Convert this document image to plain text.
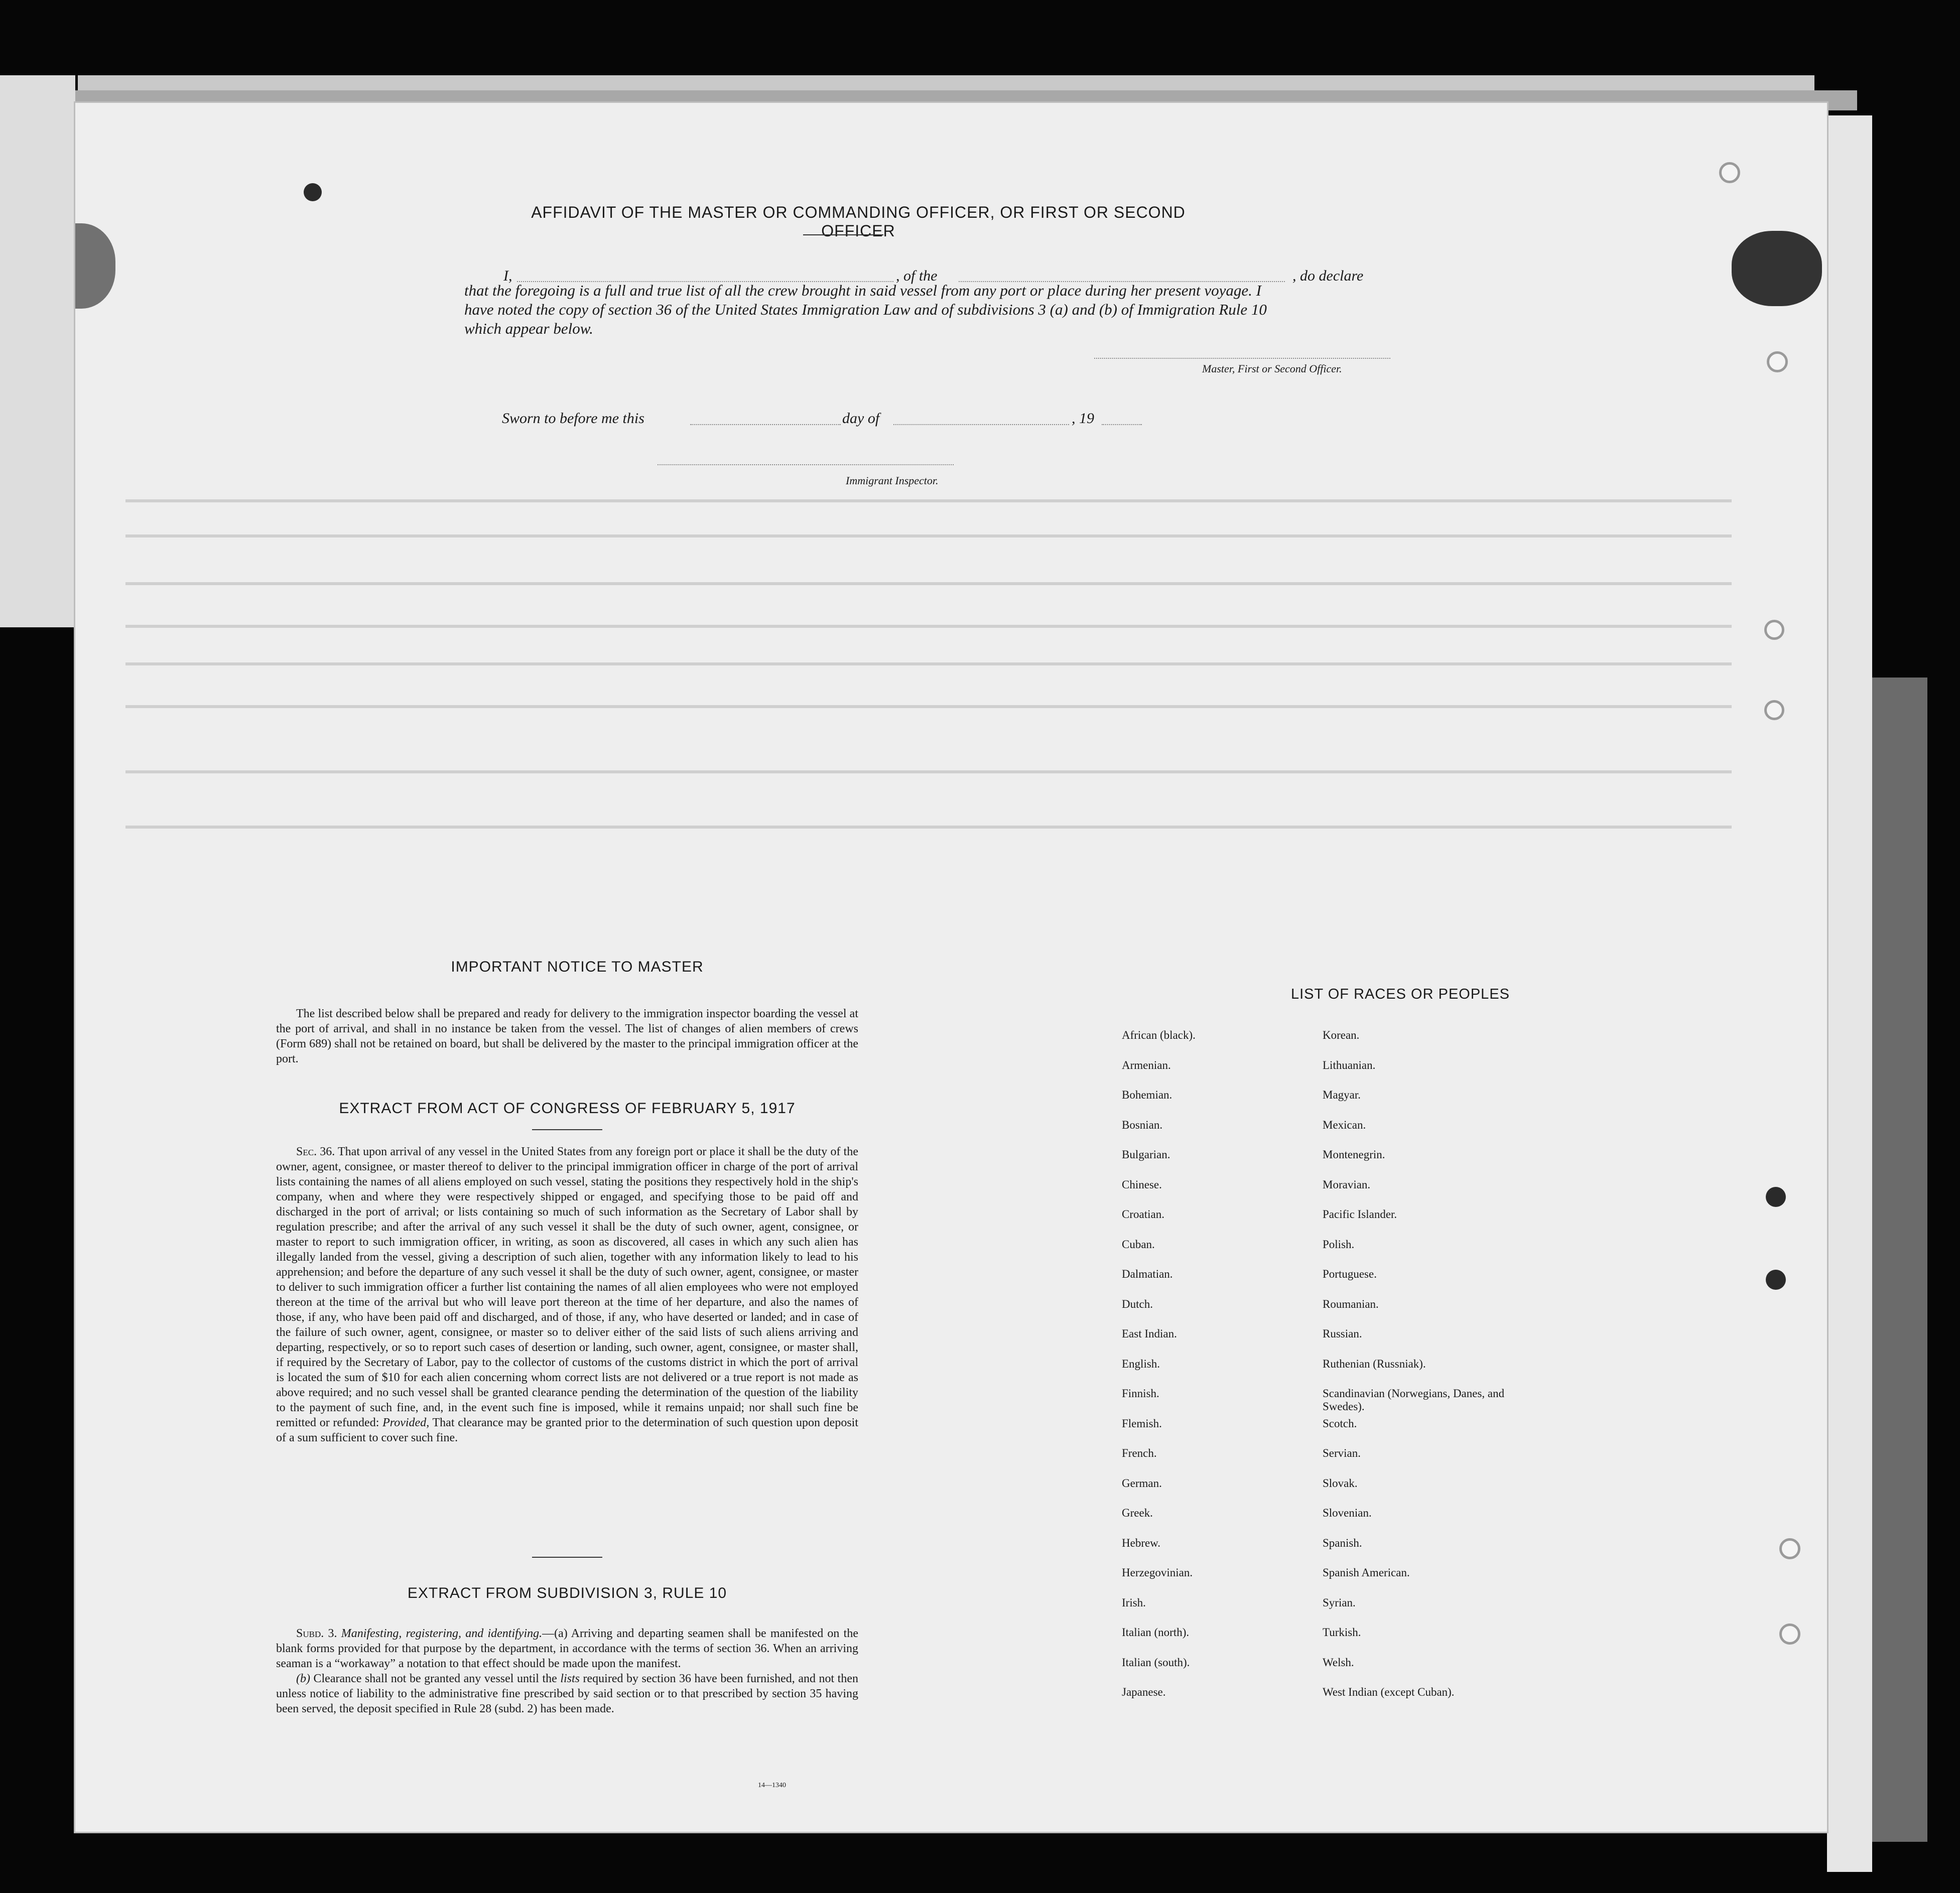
AFFIDAVIT OF THE MASTER OR COMMANDING OFFICER, OR FIRST OR SECOND OFFICER
I,	, of the	, do declare
that the foregoing is a full and true list of all the crew brought in said vessel from any port or place during her present voyage. I have noted the copy of section 36 of the United States Immigration Law and of subdivisions 3 (a) and (b) of Immigration Rule 10 which appear below.
Master, First or Second Officer.
Sworn to before me this	day of	, 19
Immigrant Inspector.
IMPORTANT NOTICE TO MASTER

The list described below shall be prepared and ready for delivery to the immigration inspector boarding the vessel at the port of arrival, and shall in no instance be taken from the vessel. The list of changes of alien members of crews (Form 689) shall not be retained on board, but shall be delivered by the master to the principal immigration officer at the port.

EXTRACT FROM ACT OF CONGRESS OF FEBRUARY 5, 1917

Sec. 36. That upon arrival of any vessel in the United States from any foreign port or place it shall be the duty of the owner, agent, consignee, or master thereof to deliver to the principal immigration officer in charge of the port of arrival lists containing the names of all aliens employed on such vessel, stating the positions they respectively hold in the ship's company, when and where they were respectively shipped or engaged, and specifying those to be paid off and discharged in the port of arrival; or lists containing so much of such information as the Secretary of Labor shall by regulation prescribe; and after the arrival of any such vessel it shall be the duty of such owner, agent, consignee, or master to report to such immigration officer, in writing, as soon as discovered, all cases in which any such alien has illegally landed from the vessel, giving a description of such alien, together with any information likely to lead to his apprehension; and before the departure of any such vessel it shall be the duty of such owner, agent, consignee, or master to deliver to such immigration officer a further list containing the names of all alien employees who were not employed thereon at the time of the arrival but who will leave port thereon at the time of her departure, and also the names of those, if any, who have been paid off and discharged, and of those, if any, who have deserted or landed; and in case of the failure of such owner, agent, consignee, or master so to deliver either of the said lists of such aliens arriving and departing, respectively, or so to report such cases of desertion or landing, such owner, agent, consignee, or master shall, if required by the Secretary of Labor, pay to the collector of customs of the customs district in which the port of arrival is located the sum of $10 for each alien concerning whom correct lists are not delivered or a true report is not made as above required; and no such vessel shall be granted clearance pending the determination of the question of the liability to the payment of such fine, and, in the event such fine is imposed, while it remains unpaid; nor shall such fine be remitted or refunded: Provided, That clearance may be granted prior to the determination of such question upon deposit of a sum sufficient to cover such fine.

EXTRACT FROM SUBDIVISION 3, RULE 10

Subd. 3. Manifesting, registering, and identifying.—(a) Arriving and departing seamen shall be manifested on the blank forms provided for that purpose by the department, in accordance with the terms of section 36. When an arriving seaman is a “workaway” a notation to that effect should be made upon the manifest.

(b) Clearance shall not be granted any vessel until the lists required by section 36 have been furnished, and not then unless notice of liability to the administrative fine prescribed by said section or to that prescribed by section 35 having been served, the deposit specified in Rule 28 (subd. 2) has been made.

14—1340
LIST OF RACES OR PEOPLES
African (black).	Korean.
Armenian.	Lithuanian.
Bohemian.	Magyar.
Bosnian.	Mexican.
Bulgarian.	Montenegrin.
Chinese.	Moravian.
Croatian.	Pacific Islander.
Cuban.	Polish.
Dalmatian.	Portuguese.
Dutch.	Roumanian.
East Indian.	Russian.
English.	Ruthenian (Russniak).
Finnish.	Scandinavian (Norwegians, Danes, and Swedes).
Flemish.	Scotch.
French.	Servian.
German.	Slovak.
Greek.	Slovenian.
Hebrew.	Spanish.
Herzegovinian.	Spanish American.
Irish.	Syrian.
Italian (north).	Turkish.
Italian (south).	Welsh.
Japanese.	West Indian (except Cuban).
